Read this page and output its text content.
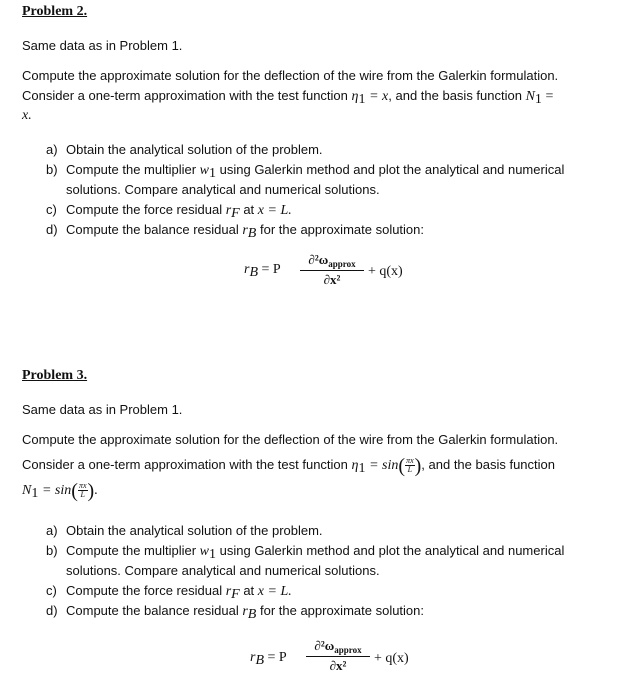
Problem 2.
Same data as in Problem 1.
Compute the approximate solution for the deflection of the wire from the Galerkin formulation.
Consider a one-term approximation with the test function $\eta_1 = x$, and the basis function $N_1$ =
x.
a) Obtain the analytical solution of the problem.
b) Compute the multiplier $w_1$ using Galerkin method and plot the analytical and numerical
solutions. Compare analytical and numerical solutions.
c) Compute the force residual $r_F$ at x = L.
d) Compute the balance residual $r_B$ for the approximate solution:
$r_B = P$
$\partial^2\omega_{approx}$
∂x²
+ q(x)
Problem 3.
Same data as in Problem 1.
Compute the approximate solution for the deflection of the wire from the Galerkin formulation.
Consider a one-term approximation with the test function $\eta_1 = \sin( \frac{\pi x}{L}$ ), and the basis function
$N_1 = \sin( \frac{\pi x}{L}$ ).
a) Obtain the analytical solution of the problem.
b) Compute the multiplier $w_1$ using Galerkin method and plot the analytical and numerical
solutions. Compare analytical and numerical solutions.
c) Compute the force residual $r_F$ at x = L.
d) Compute the balance residual $r_B$ for the approximate solution:
$r_B = P$
$\partial^2\omega_{approx}$
∂x²	+ q(x)
